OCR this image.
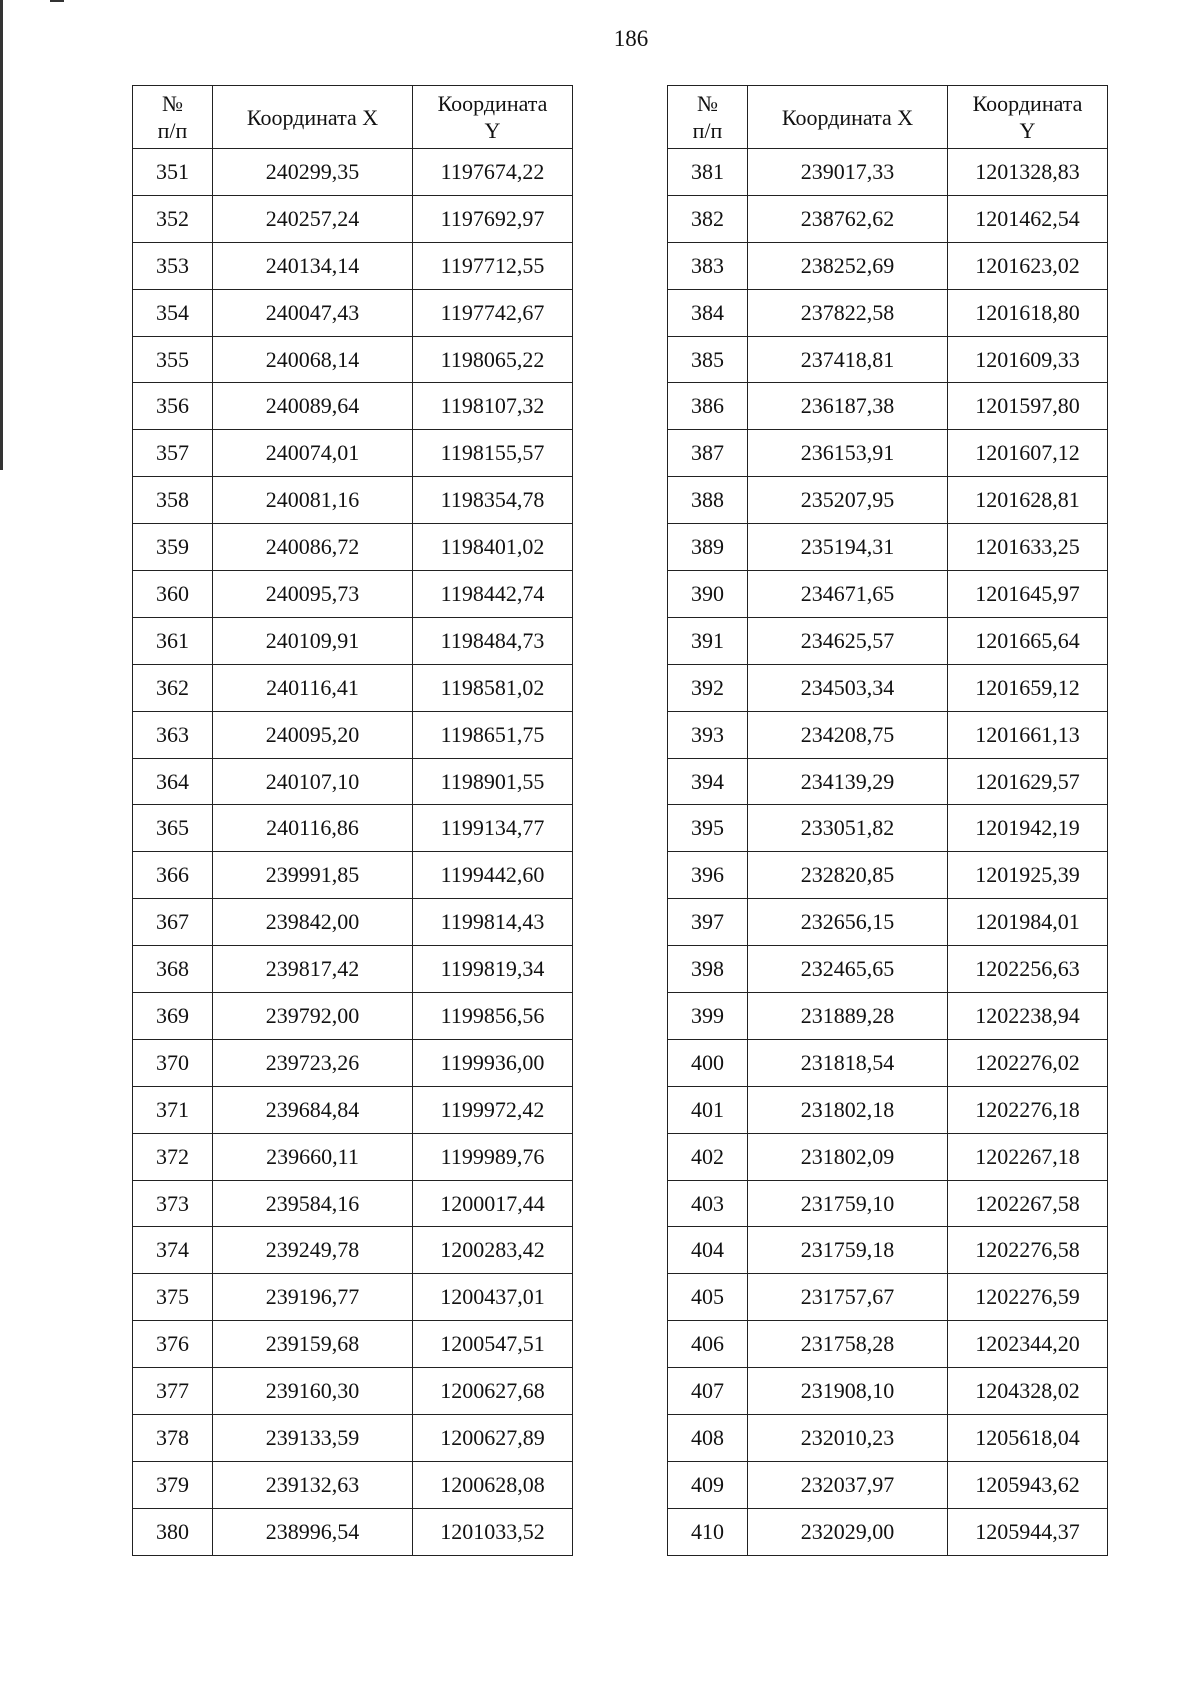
186
№
п/п	Координата X	Координата
Y
351	240299,35	1197674,22
352	240257,24	1197692,97
353	240134,14	1197712,55
354	240047,43	1197742,67
355	240068,14	1198065,22
356	240089,64	1198107,32
357	240074,01	1198155,57
358	240081,16	1198354,78
359	240086,72	1198401,02
360	240095,73	1198442,74
361	240109,91	1198484,73
362	240116,41	1198581,02
363	240095,20	1198651,75
364	240107,10	1198901,55
365	240116,86	1199134,77
366	239991,85	1199442,60
367	239842,00	1199814,43
368	239817,42	1199819,34
369	239792,00	1199856,56
370	239723,26	1199936,00
371	239684,84	1199972,42
372	239660,11	1199989,76
373	239584,16	1200017,44
374	239249,78	1200283,42
375	239196,77	1200437,01
376	239159,68	1200547,51
377	239160,30	1200627,68
378	239133,59	1200627,89
379	239132,63	1200628,08
380	238996,54	1201033,52
№
п/п	Координата X	Координата
Y
381	239017,33	1201328,83
382	238762,62	1201462,54
383	238252,69	1201623,02
384	237822,58	1201618,80
385	237418,81	1201609,33
386	236187,38	1201597,80
387	236153,91	1201607,12
388	235207,95	1201628,81
389	235194,31	1201633,25
390	234671,65	1201645,97
391	234625,57	1201665,64
392	234503,34	1201659,12
393	234208,75	1201661,13
394	234139,29	1201629,57
395	233051,82	1201942,19
396	232820,85	1201925,39
397	232656,15	1201984,01
398	232465,65	1202256,63
399	231889,28	1202238,94
400	231818,54	1202276,02
401	231802,18	1202276,18
402	231802,09	1202267,18
403	231759,10	1202267,58
404	231759,18	1202276,58
405	231757,67	1202276,59
406	231758,28	1202344,20
407	231908,10	1204328,02
408	232010,23	1205618,04
409	232037,97	1205943,62
410	232029,00	1205944,37
